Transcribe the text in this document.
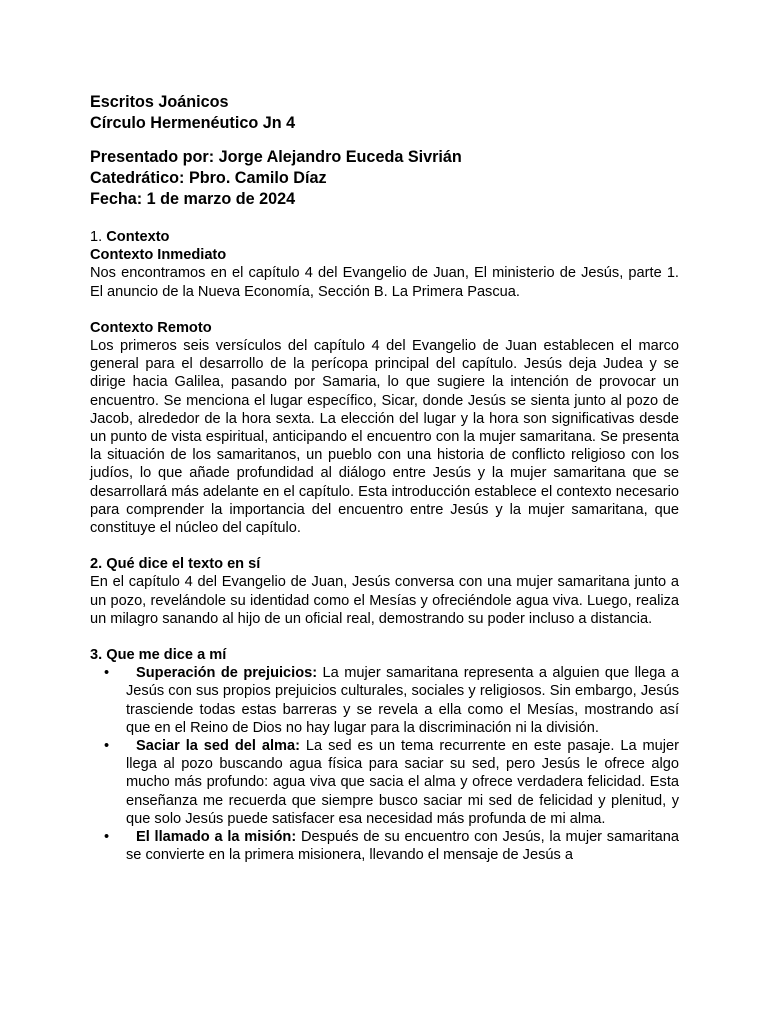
Escritos Joánicos
Círculo Hermenéutico Jn 4
Presentado por: Jorge Alejandro Euceda Sivrián
Catedrático: Pbro. Camilo Díaz
Fecha: 1 de marzo de 2024
1. Contexto
Contexto Inmediato
Nos encontramos en el capítulo 4 del Evangelio de Juan, El ministerio de Jesús, parte 1. El anuncio de la Nueva Economía, Sección B. La Primera Pascua.
Contexto Remoto
Los primeros seis versículos del capítulo 4 del Evangelio de Juan establecen el marco general para el desarrollo de la perícopa principal del capítulo. Jesús deja Judea y se dirige hacia Galilea, pasando por Samaria, lo que sugiere la intención de provocar un encuentro. Se menciona el lugar específico, Sicar, donde Jesús se sienta junto al pozo de Jacob, alrededor de la hora sexta. La elección del lugar y la hora son significativas desde un punto de vista espiritual, anticipando el encuentro con la mujer samaritana. Se presenta la situación de los samaritanos, un pueblo con una historia de conflicto religioso con los judíos, lo que añade profundidad al diálogo entre Jesús y la mujer samaritana que se desarrollará más adelante en el capítulo. Esta introducción establece el contexto necesario para comprender la importancia del encuentro entre Jesús y la mujer samaritana, que constituye el núcleo del capítulo.
2. Qué dice el texto en sí
En el capítulo 4 del Evangelio de Juan, Jesús conversa con una mujer samaritana junto a un pozo, revelándole su identidad como el Mesías y ofreciéndole agua viva. Luego, realiza un milagro sanando al hijo de un oficial real, demostrando su poder incluso a distancia.
3. Que me dice a mí
• Superación de prejuicios: La mujer samaritana representa a alguien que llega a Jesús con sus propios prejuicios culturales, sociales y religiosos. Sin embargo, Jesús trasciende todas estas barreras y se revela a ella como el Mesías, mostrando así que en el Reino de Dios no hay lugar para la discriminación ni la división.
• Saciar la sed del alma: La sed es un tema recurrente en este pasaje. La mujer llega al pozo buscando agua física para saciar su sed, pero Jesús le ofrece algo mucho más profundo: agua viva que sacia el alma y ofrece verdadera felicidad. Esta enseñanza me recuerda que siempre busco saciar mi sed de felicidad y plenitud, y que solo Jesús puede satisfacer esa necesidad más profunda de mi alma.
• El llamado a la misión: Después de su encuentro con Jesús, la mujer samaritana se convierte en la primera misionera, llevando el mensaje de Jesús a
